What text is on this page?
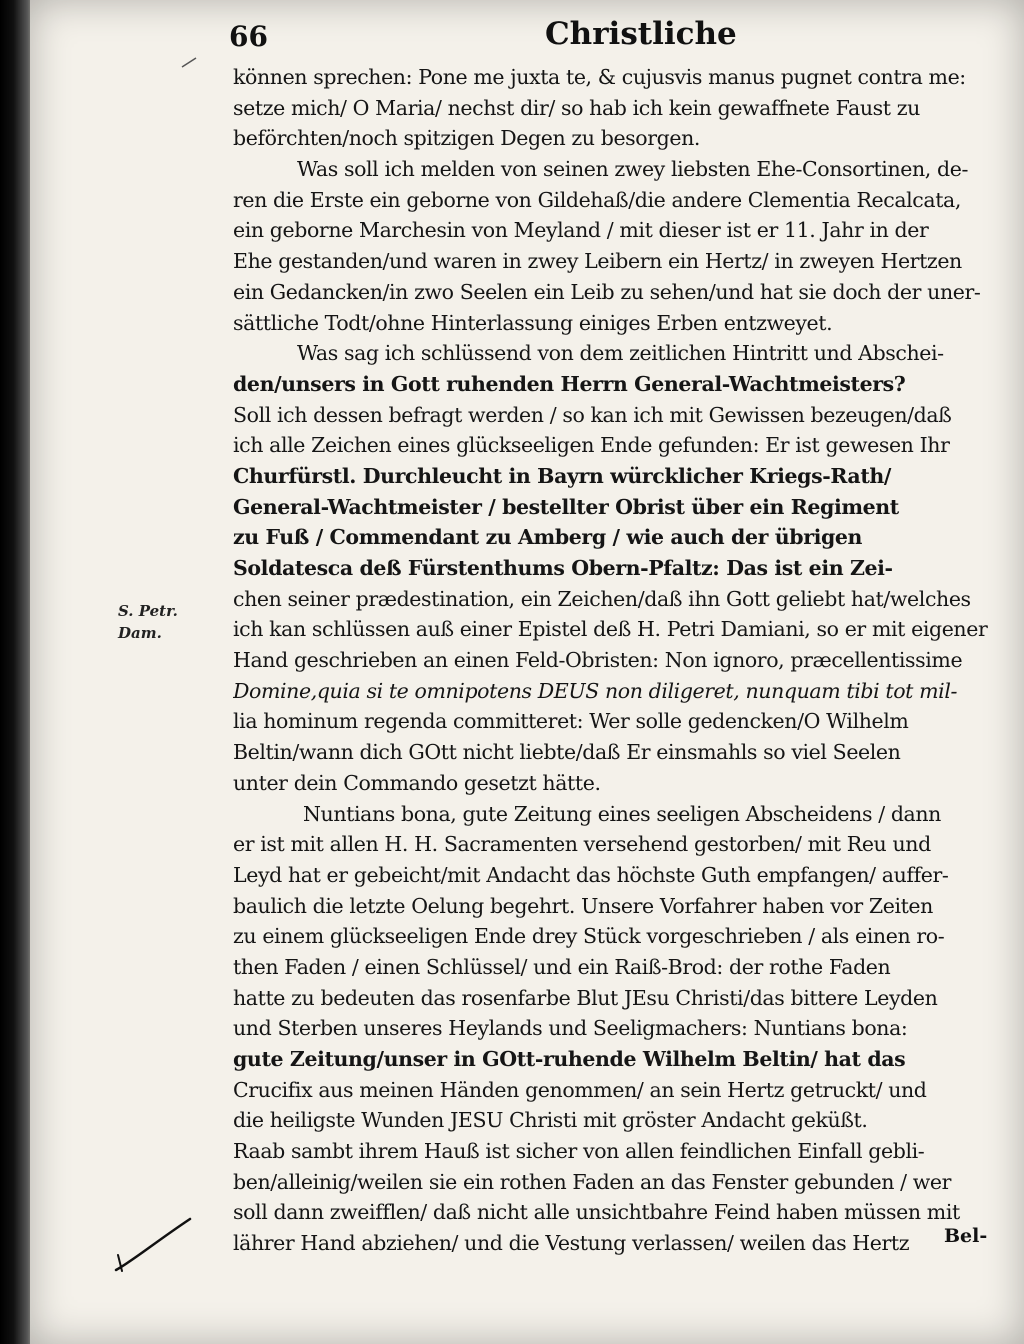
66	Christliche
S. Petr.
Dam.
können sprechen: Pone me juxta te, & cujusvis manus pugnet contra me:
setze mich/ O Maria/ nechst dir/ so hab ich kein gewaffnete Faust zu
beförchten/noch spitzigen Degen zu besorgen.
Was soll ich melden von seinen zwey liebsten Ehe-Consortinen, de-
ren die Erste ein geborne von Gildehaß/die andere Clementia Recalcata,
ein geborne Marchesin von Meyland / mit dieser ist er 11. Jahr in der
Ehe gestanden/und waren in zwey Leibern ein Hertz/ in zweyen Hertzen
ein Gedancken/in zwo Seelen ein Leib zu sehen/und hat sie doch der uner-
sättliche Todt/ohne Hinterlassung einiges Erben entzweyet.
Was sag ich schlüssend von dem zeitlichen Hintritt und Abschei-
den/unsers in Gott ruhenden Herrn General-Wachtmeisters?
Soll ich dessen befragt werden / so kan ich mit Gewissen bezeugen/daß
ich alle Zeichen eines glückseeligen Ende gefunden: Er ist gewesen Ihr
Churfürstl. Durchleucht in Bayrn würcklicher Kriegs-Rath/
General-Wachtmeister / bestellter Obrist über ein Regiment
zu Fuß / Commendant zu Amberg / wie auch der übrigen
Soldatesca deß Fürstenthums Obern-Pfaltz: Das ist ein Zei-
chen seiner prædestination, ein Zeichen/daß ihn Gott geliebt hat/welches
ich kan schlüssen auß einer Epistel deß H. Petri Damiani, so er mit eigener
Hand geschrieben an einen Feld-Obristen: Non ignoro, præcellentissime
Domine,quia si te omnipotens DEUS non diligeret, nunquam tibi tot mil-
lia hominum regenda committeret: Wer solle gedencken/O Wilhelm
Beltin/wann dich GOtt nicht liebte/daß Er einsmahls so viel Seelen
unter dein Commando gesetzt hätte.
Nuntians bona, gute Zeitung eines seeligen Abscheidens / dann
er ist mit allen H. H. Sacramenten versehend gestorben/ mit Reu und
Leyd hat er gebeicht/mit Andacht das höchste Guth empfangen/ auffer-
baulich die letzte Oelung begehrt. Unsere Vorfahrer haben vor Zeiten
zu einem glückseeligen Ende drey Stück vorgeschrieben / als einen ro-
then Faden / einen Schlüssel/ und ein Raiß-Brod: der rothe Faden
hatte zu bedeuten das rosenfarbe Blut JEsu Christi/das bittere Leyden
und Sterben unseres Heylands und Seeligmachers: Nuntians bona:
gute Zeitung/unser in GOtt-ruhende Wilhelm Beltin/ hat das
Crucifix aus meinen Händen genommen/ an sein Hertz getruckt/ und
die heiligste Wunden JESU Christi mit gröster Andacht geküßt.
Raab sambt ihrem Hauß ist sicher von allen feindlichen Einfall gebli-
ben/alleinig/weilen sie ein rothen Faden an das Fenster gebunden / wer
soll dann zweifflen/ daß nicht alle unsichtbahre Feind haben müssen mit
lährer Hand abziehen/ und die Vestung verlassen/ weilen das Hertz	Bel-
